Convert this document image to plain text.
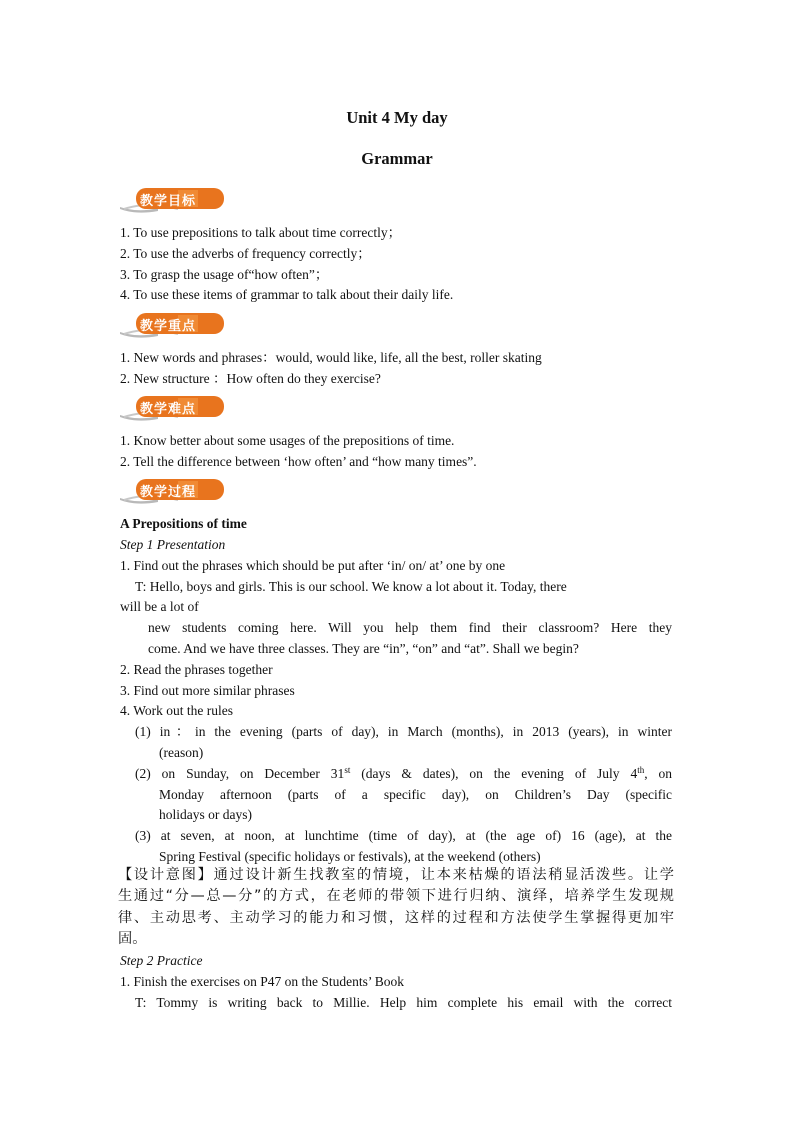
Unit 4 My day
Grammar
教学目标
1. To use prepositions to talk about time correctly；
2. To use the adverbs of frequency correctly；
3. To grasp the usage of“how often”；
4. To use these items of grammar to talk about their daily life.
教学重点
1. New words and phrases：would, would like, life, all the best, roller skating
2. New structure ：How often do they exercise?
教学难点
1. Know better about some usages of the prepositions of time.
2. Tell the difference between ‘how often’ and “how many times”.
教学过程
A Prepositions of time
Step 1 Presentation
1. Find out the phrases which should be put after ‘in/ on/ at’ one by one
T: Hello, boys and girls. This is our school. We know a lot about it. Today, there
will be a lot of
new students coming here. Will you help them find their classroom? Here they
come. And we have three classes. They are “in”, “on” and “at”. Shall we begin?
2. Read the phrases together
3. Find out more similar phrases
4. Work out the rules
(1) in：in the evening (parts of day), in March (months), in 2013 (years), in winter
(reason)
(2) on Sunday, on December 31st (days & dates), on the evening of July 4th, on
Monday afternoon (parts of a specific day), on Children’s Day (specific
holidays or days)
(3) at seven, at noon, at lunchtime (time of day), at (the age of) 16 (age), at the
Spring Festival (specific holidays or festivals), at the weekend (others)
【设计意图】通过设计新生找教室的情境，让本来枯燥的语法稍显活泼些。让学
生通过“分—总—分”的方式，在老师的带领下进行归纳、演绎，培养学生发现规
律、主动思考、主动学习的能力和习惯，这样的过程和方法使学生掌握得更加牢
固。
Step 2 Practice
1. Finish the exercises on P47 on the Students’ Book
T: Tommy is writing back to Millie. Help him complete his email with the correct
